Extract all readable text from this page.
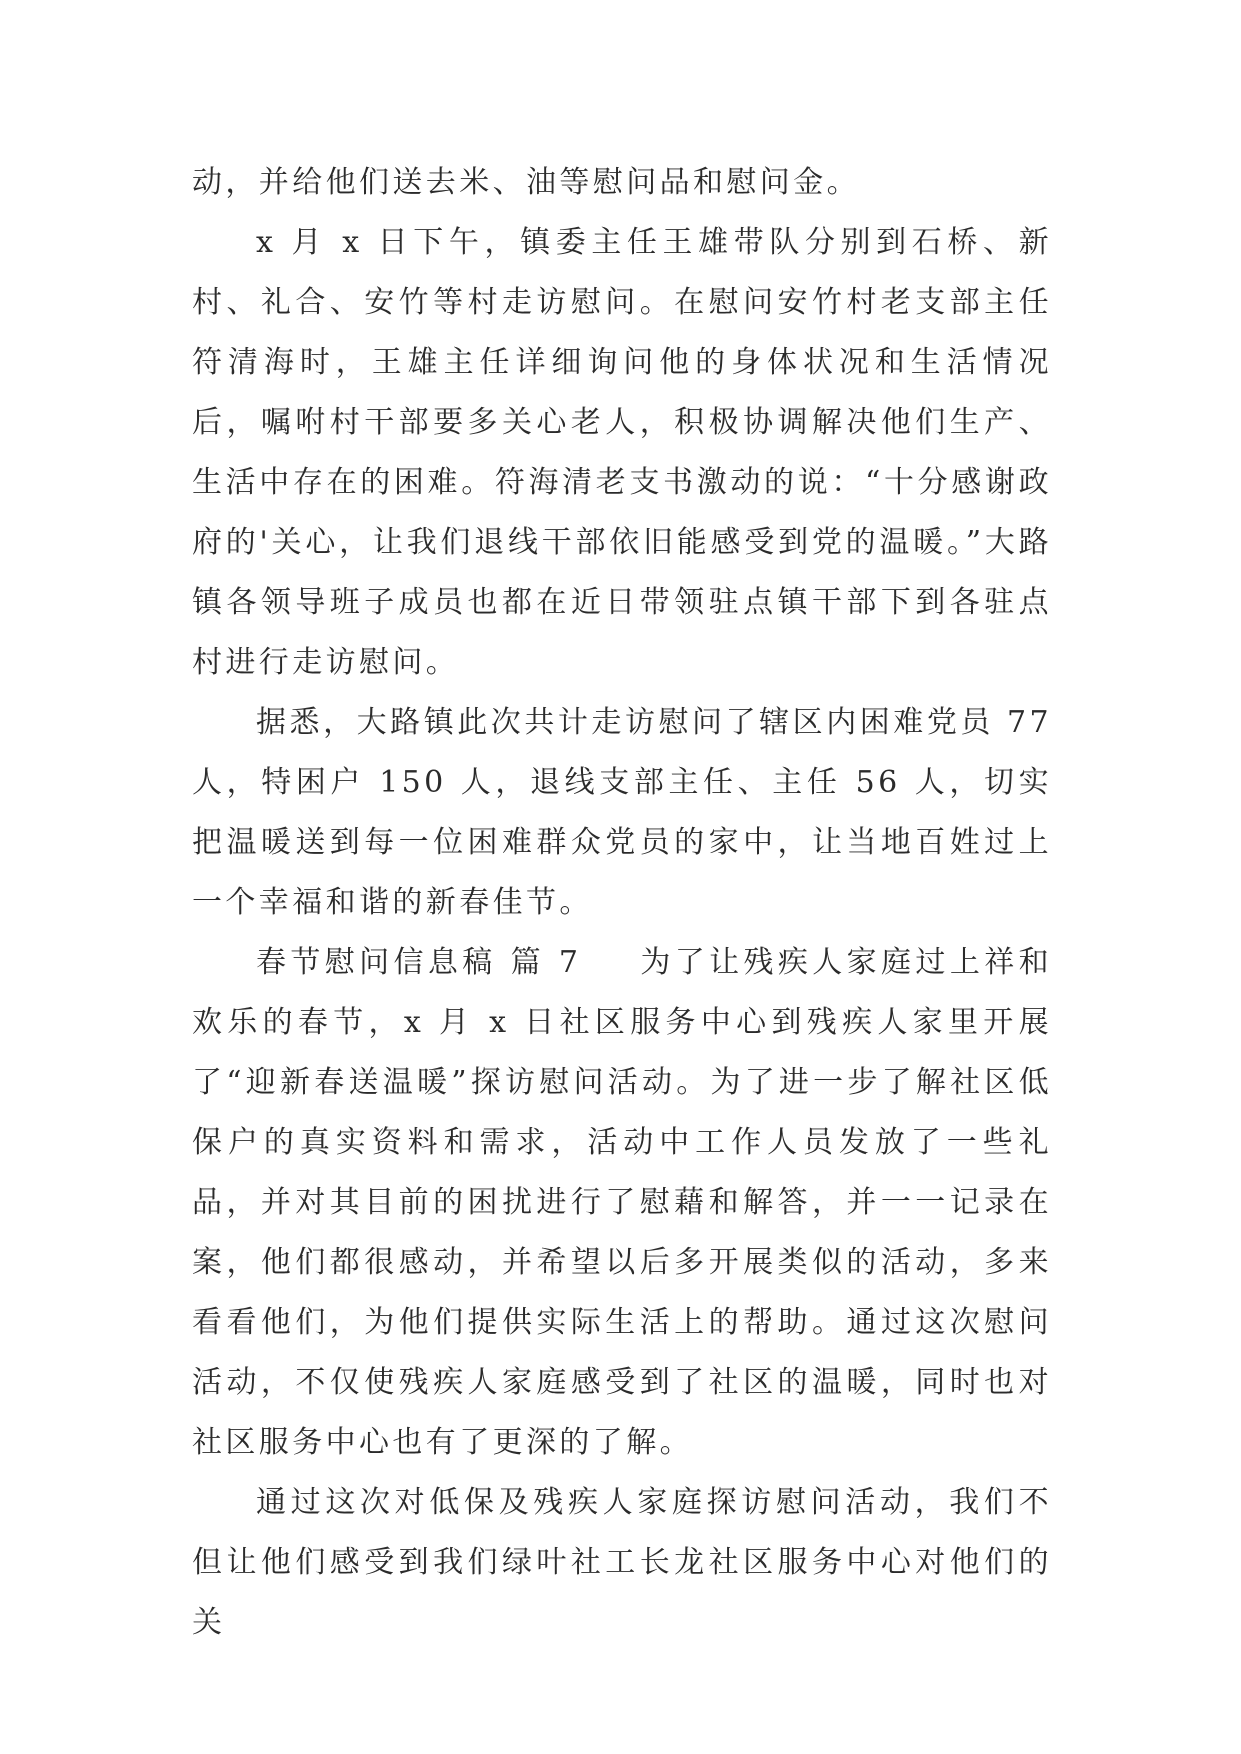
动，并给他们送去米、油等慰问品和慰问金。

x 月 x 日下午，镇委主任王雄带队分别到石桥、新村、礼合、安竹等村走访慰问。在慰问安竹村老支部主任符清海时，王雄主任详细询问他的身体状况和生活情况后，嘱咐村干部要多关心老人，积极协调解决他们生产、生活中存在的困难。符海清老支书激动的说：“十分感谢政府的'关心，让我们退线干部依旧能感受到党的温暖。”大路镇各领导班子成员也都在近日带领驻点镇干部下到各驻点村进行走访慰问。

据悉，大路镇此次共计走访慰问了辖区内困难党员 77 人，特困户 150 人，退线支部主任、主任 56 人，切实把温暖送到每一位困难群众党员的家中，让当地百姓过上一个幸福和谐的新春佳节。

春节慰问信息稿 篇 7 为了让残疾人家庭过上祥和欢乐的春节，x 月 x 日社区服务中心到残疾人家里开展了“迎新春送温暖”探访慰问活动。为了进一步了解社区低保户的真实资料和需求，活动中工作人员发放了一些礼品，并对其目前的困扰进行了慰藉和解答，并一一记录在案，他们都很感动，并希望以后多开展类似的活动，多来看看他们，为他们提供实际生活上的帮助。通过这次慰问活动，不仅使残疾人家庭感受到了社区的温暖，同时也对社区服务中心也有了更深的了解。

通过这次对低保及残疾人家庭探访慰问活动，我们不但让他们感受到我们绿叶社工长龙社区服务中心对他们的关
